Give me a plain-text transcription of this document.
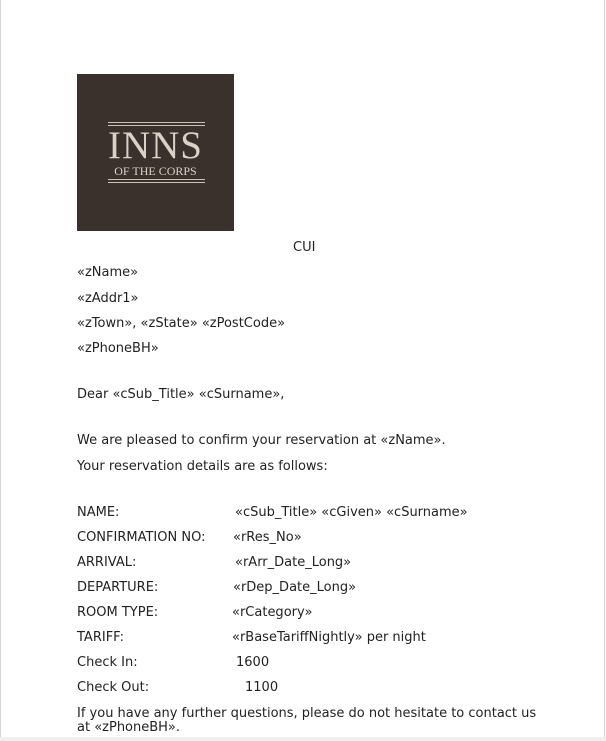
INNS
OF THE CORPS
CUI
«zName»
«zAddr1»
«zTown», «zState» «zPostCode»
«zPhoneBH»
Dear «cSub_Title» «cSurname»,
We are pleased to confirm your reservation at «zName».
Your reservation details are as follows:
NAME:	«cSub_Title» «cGiven» «cSurname»
CONFIRMATION NO: «rRes_No»
ARRIVAL:	«rArr_Date_Long»
DEPARTURE:	«rDep_Date_Long»
ROOM TYPE:	«rCategory»
TARIFF:	«rBaseTariffNightly» per night
Check In:	1600
Check Out:	1100
If you have any further questions, please do not hesitate to contact us at «zPhoneBH».
